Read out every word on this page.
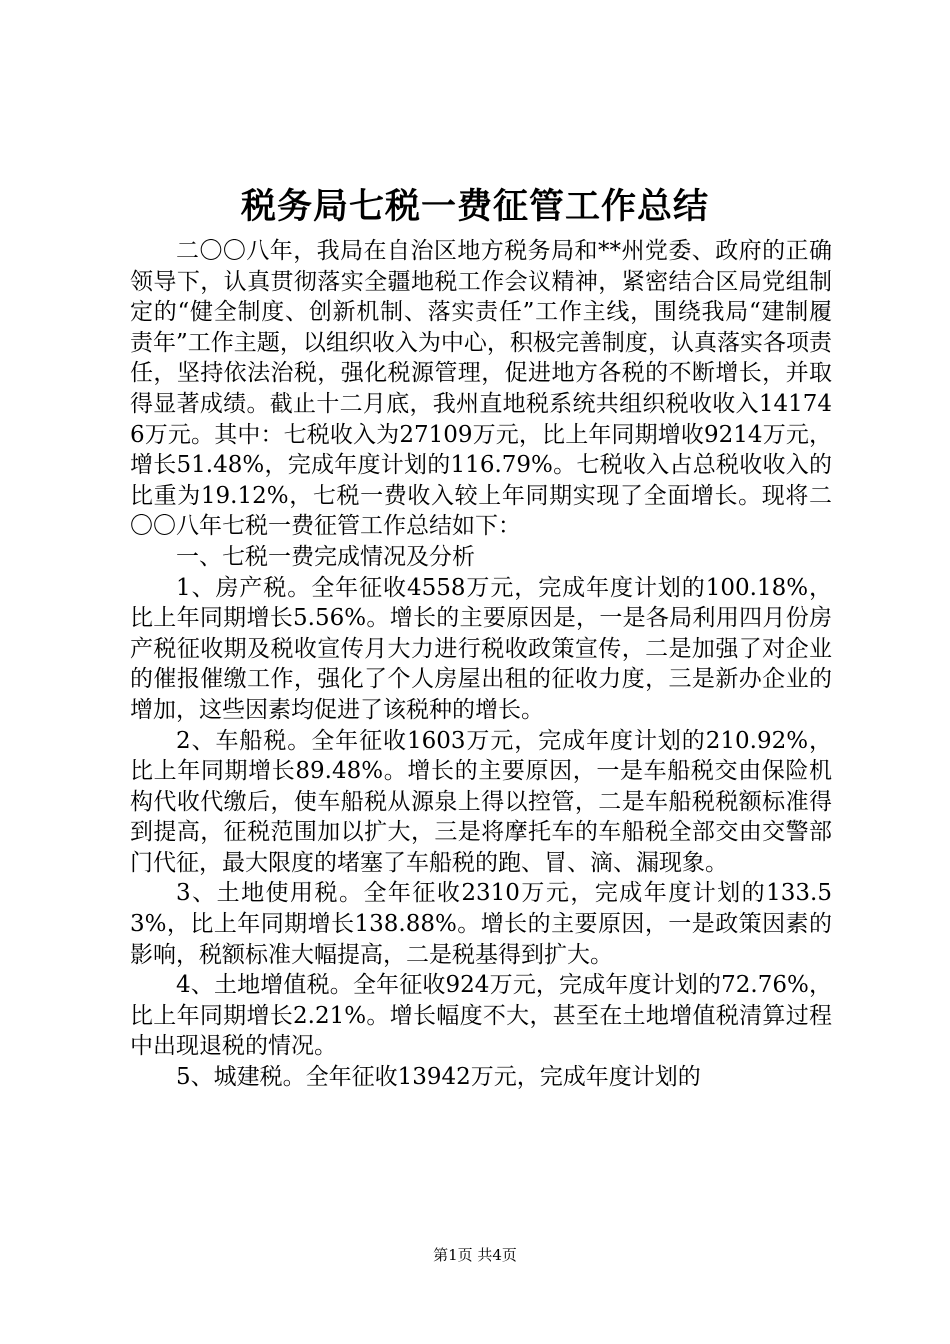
税务局七税一费征管工作总结

二〇〇八年，我局在自治区地方税务局和**州党委、政府的正确领导下，认真贯彻落实全疆地税工作会议精神，紧密结合区局党组制定的“健全制度、创新机制、落实责任”工作主线，围绕我局“建制履责年”工作主题，以组织收入为中心，积极完善制度，认真落实各项责任，坚持依法治税，强化税源管理，促进地方各税的不断增长，并取得显著成绩。截止十二月底，我州直地税系统共组织税收收入141746万元。其中：七税收入为27109万元，比上年同期增收9214万元，增长51.48%，完成年度计划的116.79%。七税收入占总税收收入的比重为19.12%，七税一费收入较上年同期实现了全面增长。现将二〇〇八年七税一费征管工作总结如下：

一、七税一费完成情况及分析

1、房产税。全年征收4558万元，完成年度计划的100.18%，比上年同期增长5.56%。增长的主要原因是，一是各局利用四月份房产税征收期及税收宣传月大力进行税收政策宣传，二是加强了对企业的催报催缴工作，强化了个人房屋出租的征收力度，三是新办企业的增加，这些因素均促进了该税种的增长。

2、车船税。全年征收1603万元，完成年度计划的210.92%，比上年同期增长89.48%。增长的主要原因，一是车船税交由保险机构代收代缴后，使车船税从源泉上得以控管，二是车船税税额标准得到提高，征税范围加以扩大，三是将摩托车的车船税全部交由交警部门代征，最大限度的堵塞了车船税的跑、冒、滴、漏现象。

3、土地使用税。全年征收2310万元，完成年度计划的133.53%，比上年同期增长138.88%。增长的主要原因，一是政策因素的影响，税额标准大幅提高，二是税基得到扩大。

4、土地增值税。全年征收924万元，完成年度计划的72.76%，比上年同期增长2.21%。增长幅度不大，甚至在土地增值税清算过程中出现退税的情况。

5、城建税。全年征收13942万元，完成年度计划的

第1页 共4页
